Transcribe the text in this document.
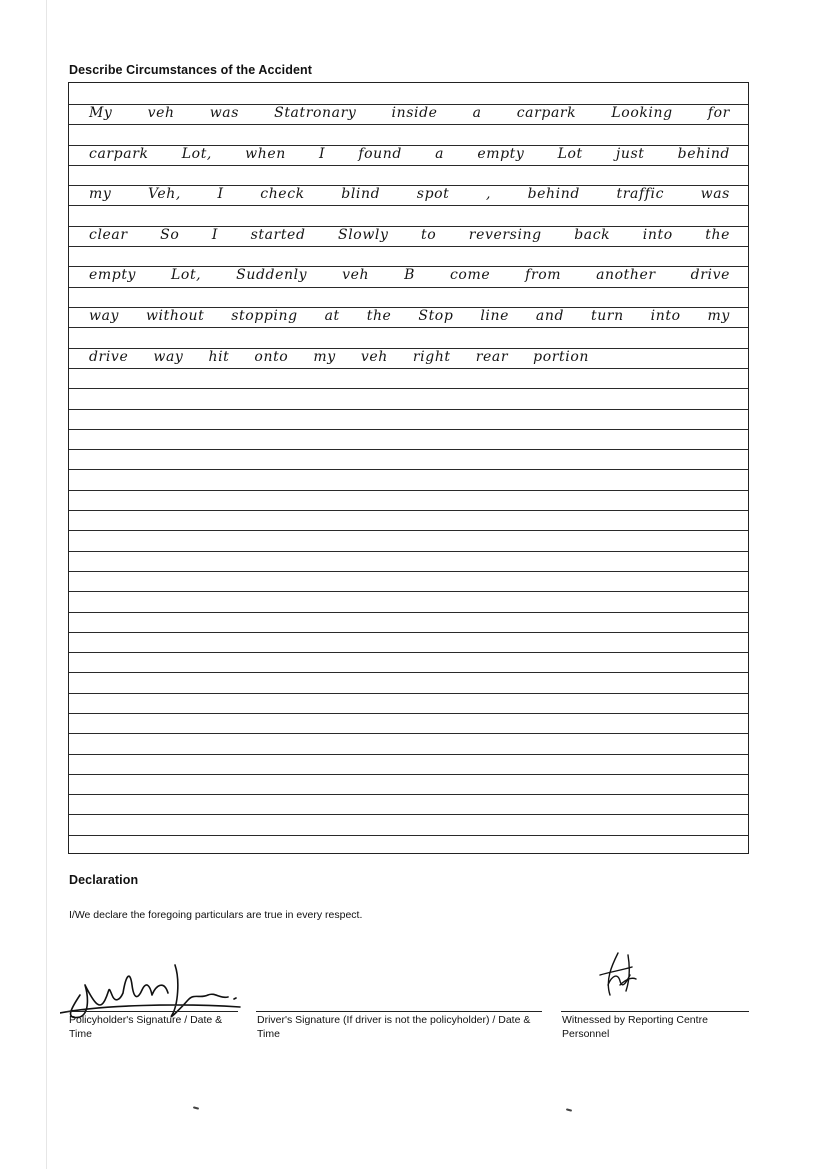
Describe Circumstances of the Accident
My	veh	was	Statronary	inside	a	carpark	Looking	for
carpark Lot, when I found a empty Lot just behind
my	Veh,	I	check	blind	spot	,	behind	traffic	was
clear So I started Slowly to reversing back into the
empty Lot, Suddenly veh B come from another drive
way without stopping at the Stop line and turn into my
drive way hit onto my veh right rear portion
Declaration
I/We declare the foregoing particulars are true in every respect.
Policyholder's Signature / Date & Time
Driver's Signature (If driver is not the policyholder) / Date & Time
Witnessed by Reporting Centre Personnel
